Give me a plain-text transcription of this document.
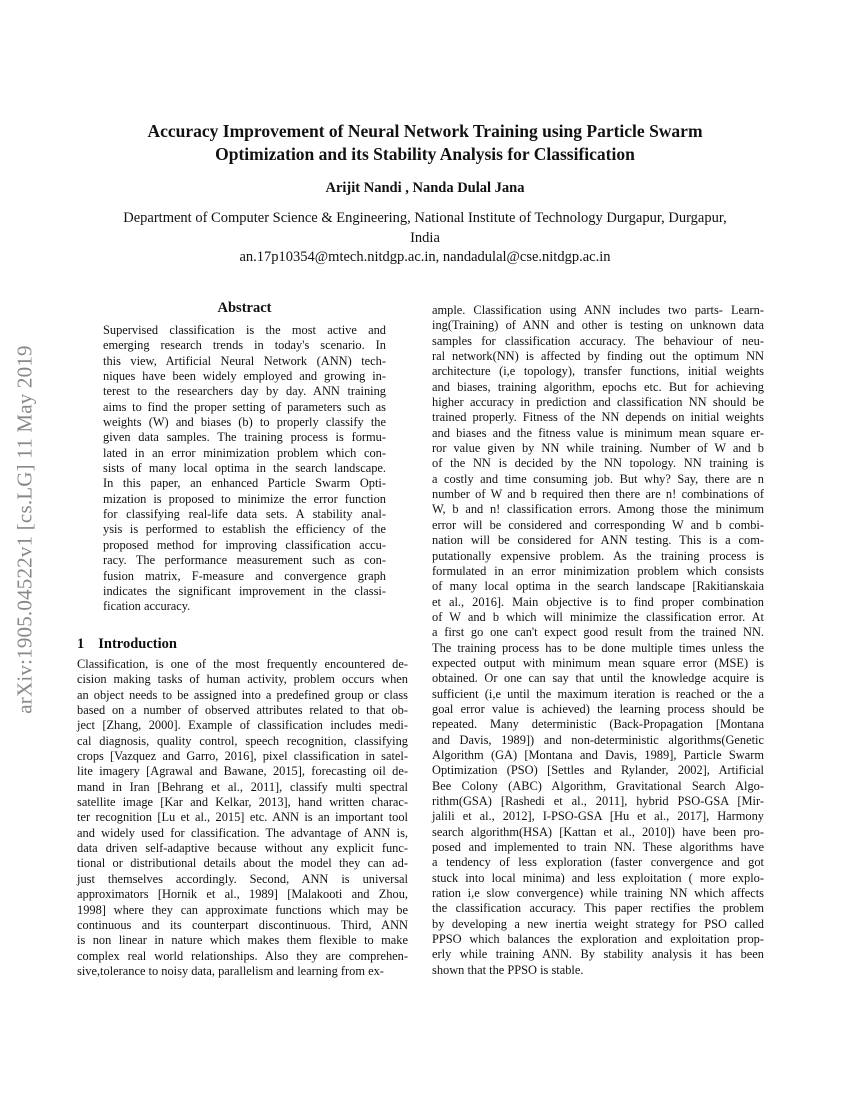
arXiv:1905.04522v1 [cs.LG] 11 May 2019
Accuracy Improvement of Neural Network Training using Particle Swarm
Optimization and its Stability Analysis for Classification
Arijit Nandi , Nanda Dulal Jana
Department of Computer Science & Engineering, National Institute of Technology Durgapur, Durgapur,
India
an.17p10354@mtech.nitdgp.ac.in, nandadulal@cse.nitdgp.ac.in
Abstract
Supervised classification is the most active and
emerging research trends in today's scenario. In
this view, Artificial Neural Network (ANN) tech-
niques have been widely employed and growing in-
terest to the researchers day by day. ANN training
aims to find the proper setting of parameters such as
weights (W) and biases (b) to properly classify the
given data samples. The training process is formu-
lated in an error minimization problem which con-
sists of many local optima in the search landscape.
In this paper, an enhanced Particle Swarm Opti-
mization is proposed to minimize the error function
for classifying real-life data sets. A stability anal-
ysis is performed to establish the efficiency of the
proposed method for improving classification accu-
racy. The performance measurement such as con-
fusion matrix, F-measure and convergence graph
indicates the significant improvement in the classi-
fication accuracy.
1 Introduction
Classification, is one of the most frequently encountered de-
cision making tasks of human activity, problem occurs when
an object needs to be assigned into a predefined group or class
based on a number of observed attributes related to that ob-
ject [Zhang, 2000]. Example of classification includes medi-
cal diagnosis, quality control, speech recognition, classifying
crops [Vazquez and Garro, 2016], pixel classification in satel-
lite imagery [Agrawal and Bawane, 2015], forecasting oil de-
mand in Iran [Behrang et al., 2011], classify multi spectral
satellite image [Kar and Kelkar, 2013], hand written charac-
ter recognition [Lu et al., 2015] etc. ANN is an important tool
and widely used for classification. The advantage of ANN is,
data driven self-adaptive because without any explicit func-
tional or distributional details about the model they can ad-
just themselves accordingly. Second, ANN is universal
approximators [Hornik et al., 1989] [Malakooti and Zhou,
1998] where they can approximate functions which may be
continuous and its counterpart discontinuous. Third, ANN
is non linear in nature which makes them flexible to make
complex real world relationships. Also they are comprehen-
sive,tolerance to noisy data, parallelism and learning from ex-
ample. Classification using ANN includes two parts- Learn-
ing(Training) of ANN and other is testing on unknown data
samples for classification accuracy. The behaviour of neu-
ral network(NN) is affected by finding out the optimum NN
architecture (i,e topology), transfer functions, initial weights
and biases, training algorithm, epochs etc. But for achieving
higher accuracy in prediction and classification NN should be
trained properly. Fitness of the NN depends on initial weights
and biases and the fitness value is minimum mean square er-
ror value given by NN while training. Number of W and b
of the NN is decided by the NN topology. NN training is
a costly and time consuming job. But why? Say, there are n
number of W and b required then there are n! combinations of
W, b and n! classification errors. Among those the minimum
error will be considered and corresponding W and b combi-
nation will be considered for ANN testing. This is a com-
putationally expensive problem. As the training process is
formulated in an error minimization problem which consists
of many local optima in the search landscape [Rakitianskaia
et al., 2016]. Main objective is to find proper combination
of W and b which will minimize the classification error. At
a first go one can't expect good result from the trained NN.
The training process has to be done multiple times unless the
expected output with minimum mean square error (MSE) is
obtained. Or one can say that until the knowledge acquire is
sufficient (i,e until the maximum iteration is reached or the a
goal error value is achieved) the learning process should be
repeated. Many deterministic (Back-Propagation [Montana
and Davis, 1989]) and non-deterministic algorithms(Genetic
Algorithm (GA) [Montana and Davis, 1989], Particle Swarm
Optimization (PSO) [Settles and Rylander, 2002], Artificial
Bee Colony (ABC) Algorithm, Gravitational Search Algo-
rithm(GSA) [Rashedi et al., 2011], hybrid PSO-GSA [Mir-
jalili et al., 2012], I-PSO-GSA [Hu et al., 2017], Harmony
search algorithm(HSA) [Kattan et al., 2010]) have been pro-
posed and implemented to train NN. These algorithms have
a tendency of less exploration (faster convergence and got
stuck into local minima) and less exploitation ( more explo-
ration i,e slow convergence) while training NN which affects
the classification accuracy. This paper rectifies the problem
by developing a new inertia weight strategy for PSO called
PPSO which balances the exploration and exploitation prop-
erly while training ANN. By stability analysis it has been
shown that the PPSO is stable.
